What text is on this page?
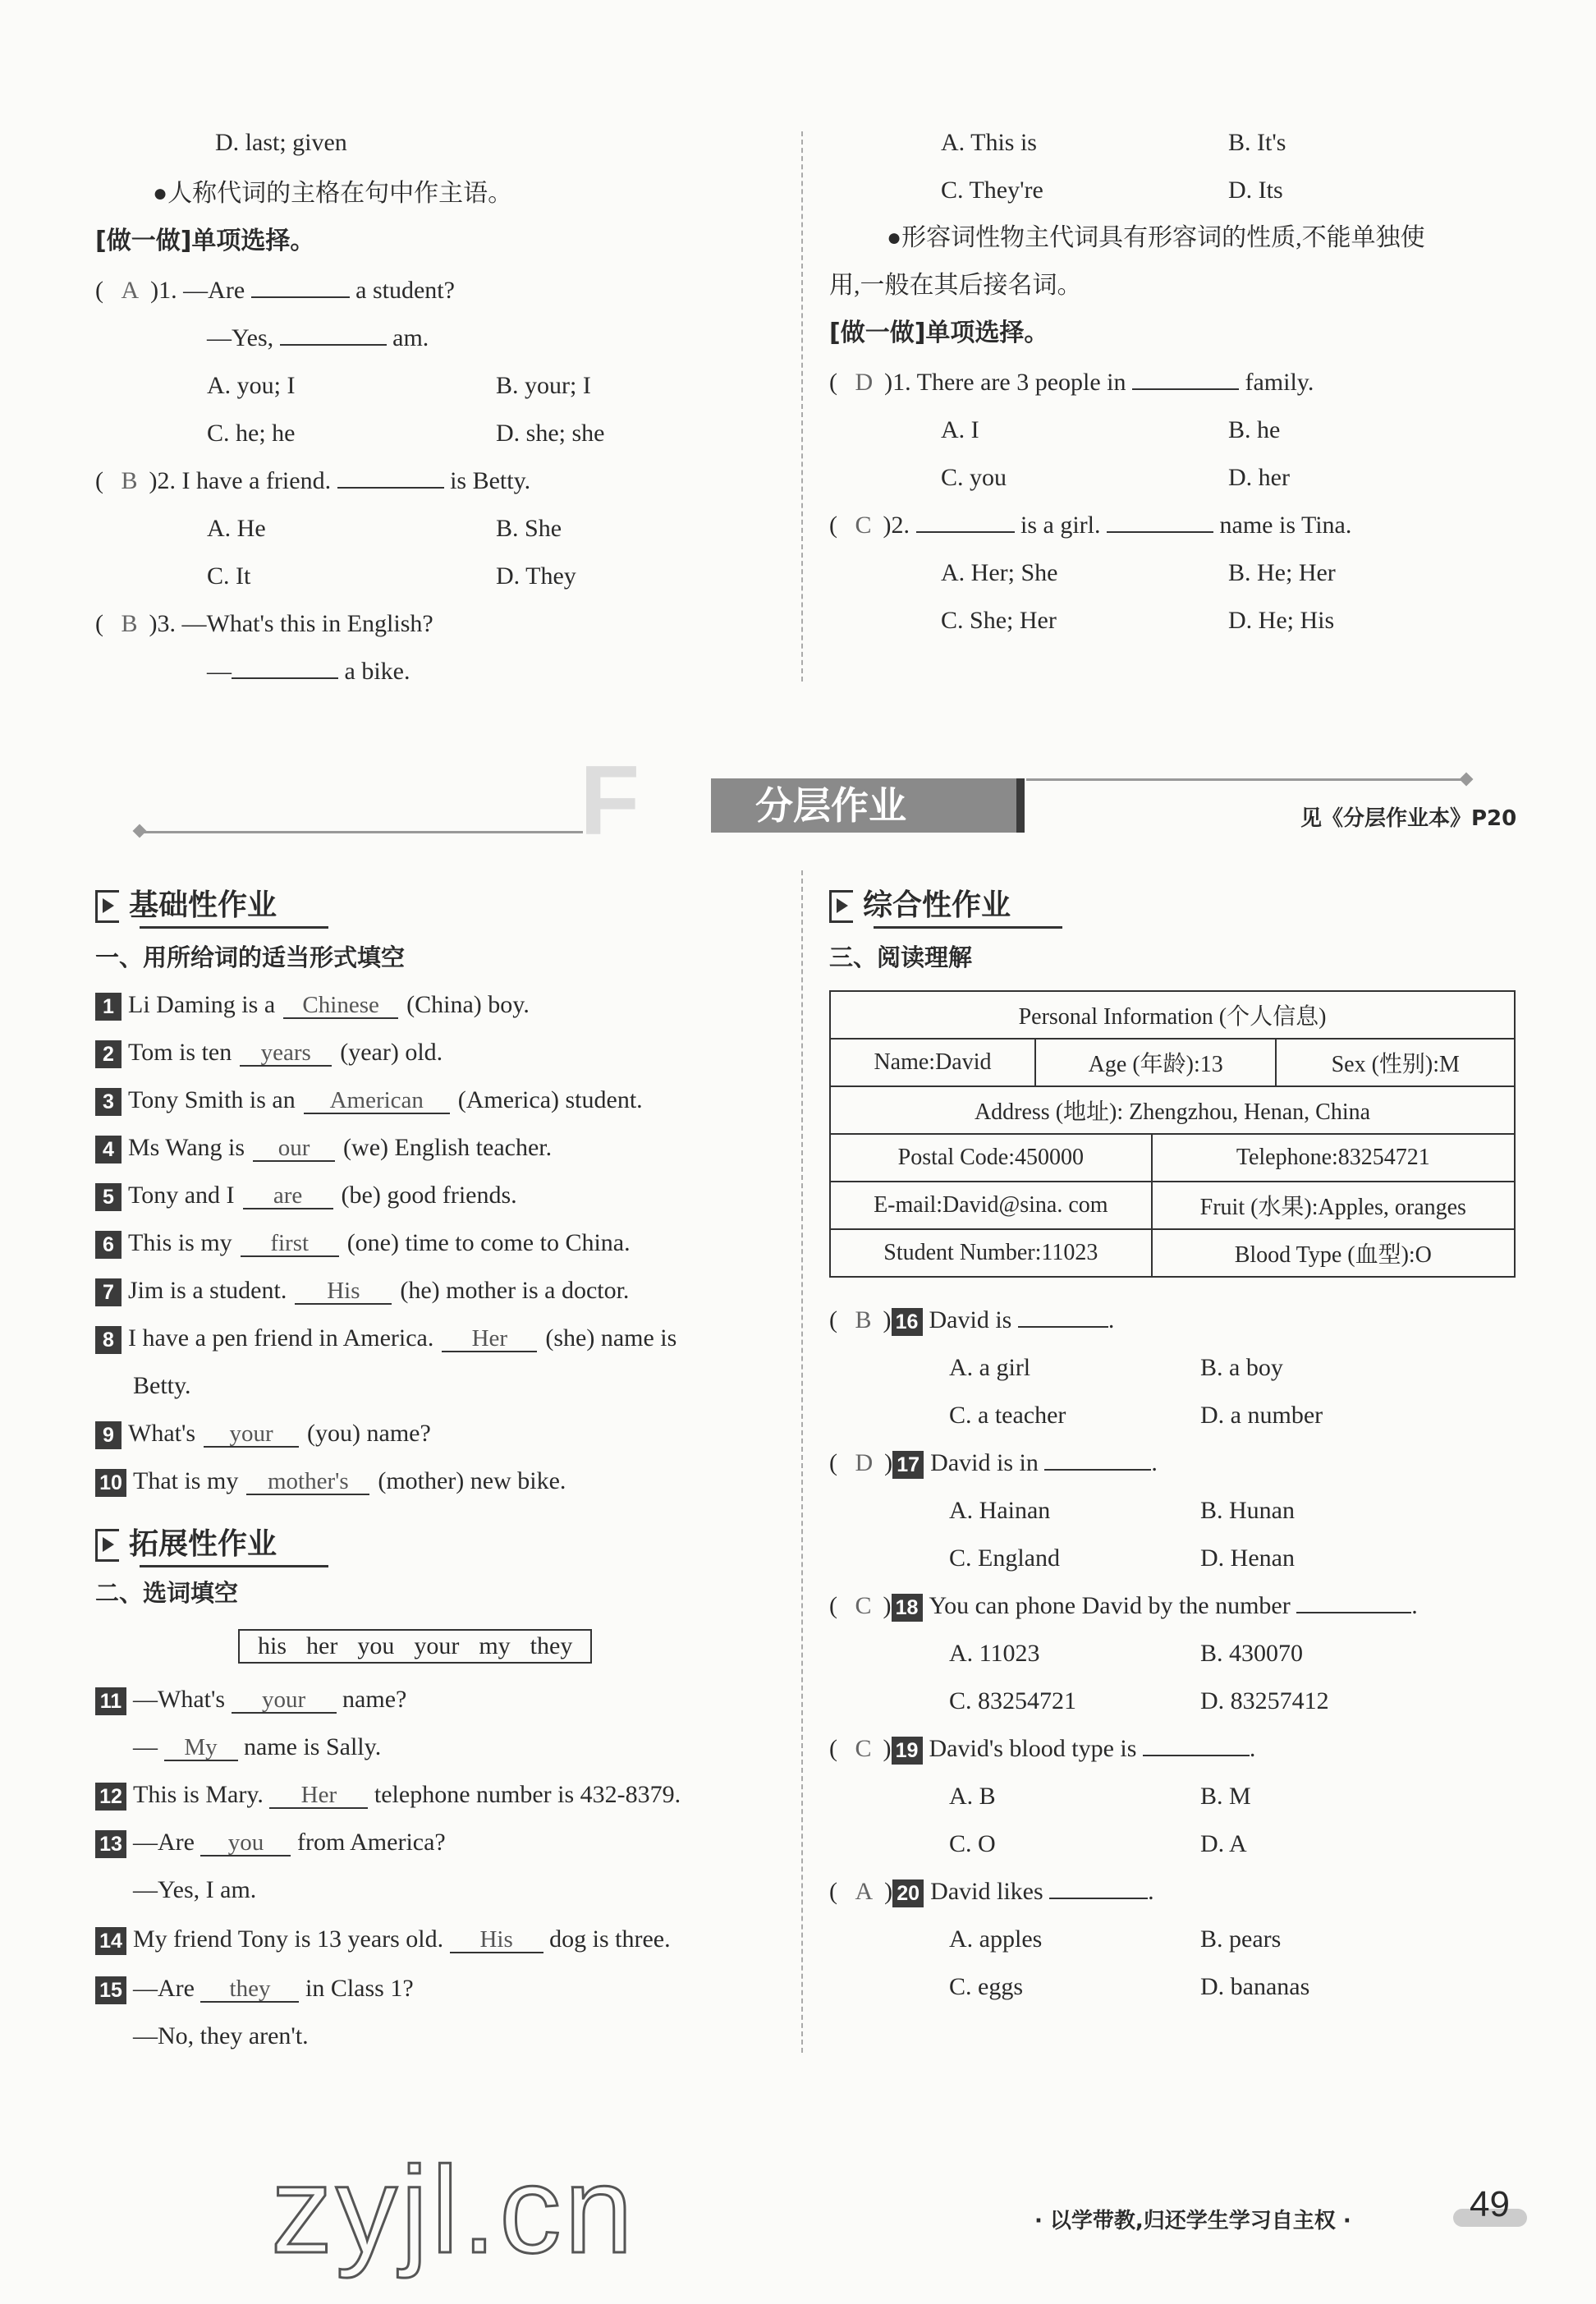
D. last; given
●人称代词的主格在句中作主语。
[做一做]单项选择。
( A )1. —Are	a student?
—Yes,	am.
A. you; I	B. your; I
C. he; he	D. she; she
( B )2. I have a friend.	is Betty.
A. He	B. She
C. It	D. They
( B )3. —What's this in English?
—	a bike.
A. This is	B. It's
C. They're	D. Its
●形容词性物主代词具有形容词的性质,不能单独使
用,一般在其后接名词。
[做一做]单项选择。
( D )1. There are 3 people in	family.
A. I	B. he
C. you	D. her
( C )2.	is a girl.	name is Tina.
A. Her; She	B. He; Her
C. She; Her	D. He; His
F	分层作业	见《分层作业本》P20
基础性作业
一、用所给词的适当形式填空
1 Li Daming is a Chinese (China) boy.
2 Tom is ten years (year) old.
3 Tony Smith is an American (America) student.
4 Ms Wang is our (we) English teacher.
5 Tony and I are (be) good friends.
6 This is my first (one) time to come to China.
7 Jim is a student. His (he) mother is a doctor.
8 I have a pen friend in America. Her (she) name is
9 What's your (you) name?
10 That is my mother's (mother) new bike.
Betty.
拓展性作业
二、选词填空
his her you your my they
11 —What's your name?
— My name is Sally.
12 This is Mary. Her telephone number is 432-8379.
13 —Are you from America?
—Yes, I am.
14 My friend Tony is 13 years old. His dog is three.
15 —Are they in Class 1?
—No, they aren't.
综合性作业
三、阅读理解
Personal Information (个人信息)			
Name:David	Age (年龄):13		Sex (性别):M
Address (地址): Zhengzhou, Henan, China			
Postal Code:450000		Telephone:83254721	
E-mail:David@sina. com		Fruit (水果):Apples, oranges	
Student Number:11023		Blood Type (血型):O	
( B ) 16 David is	.
A. a girl	B. a boy
C. a teacher	D. a number
( D ) 17 David is in	.
A. Hainan	B. Hunan
C. England	D. Henan
( C ) 18 You can phone David by the number	.
A. 11023	B. 430070
C. 83254721	D. 83257412
( C ) 19 David's blood type is	.
A. B	B. M
C. O	D. A
( A ) 20 David likes	.
A. apples	B. pears
C. eggs	D. bananas
zyjl.cn	· 以学带教,归还学生学习自主权 ·	49
